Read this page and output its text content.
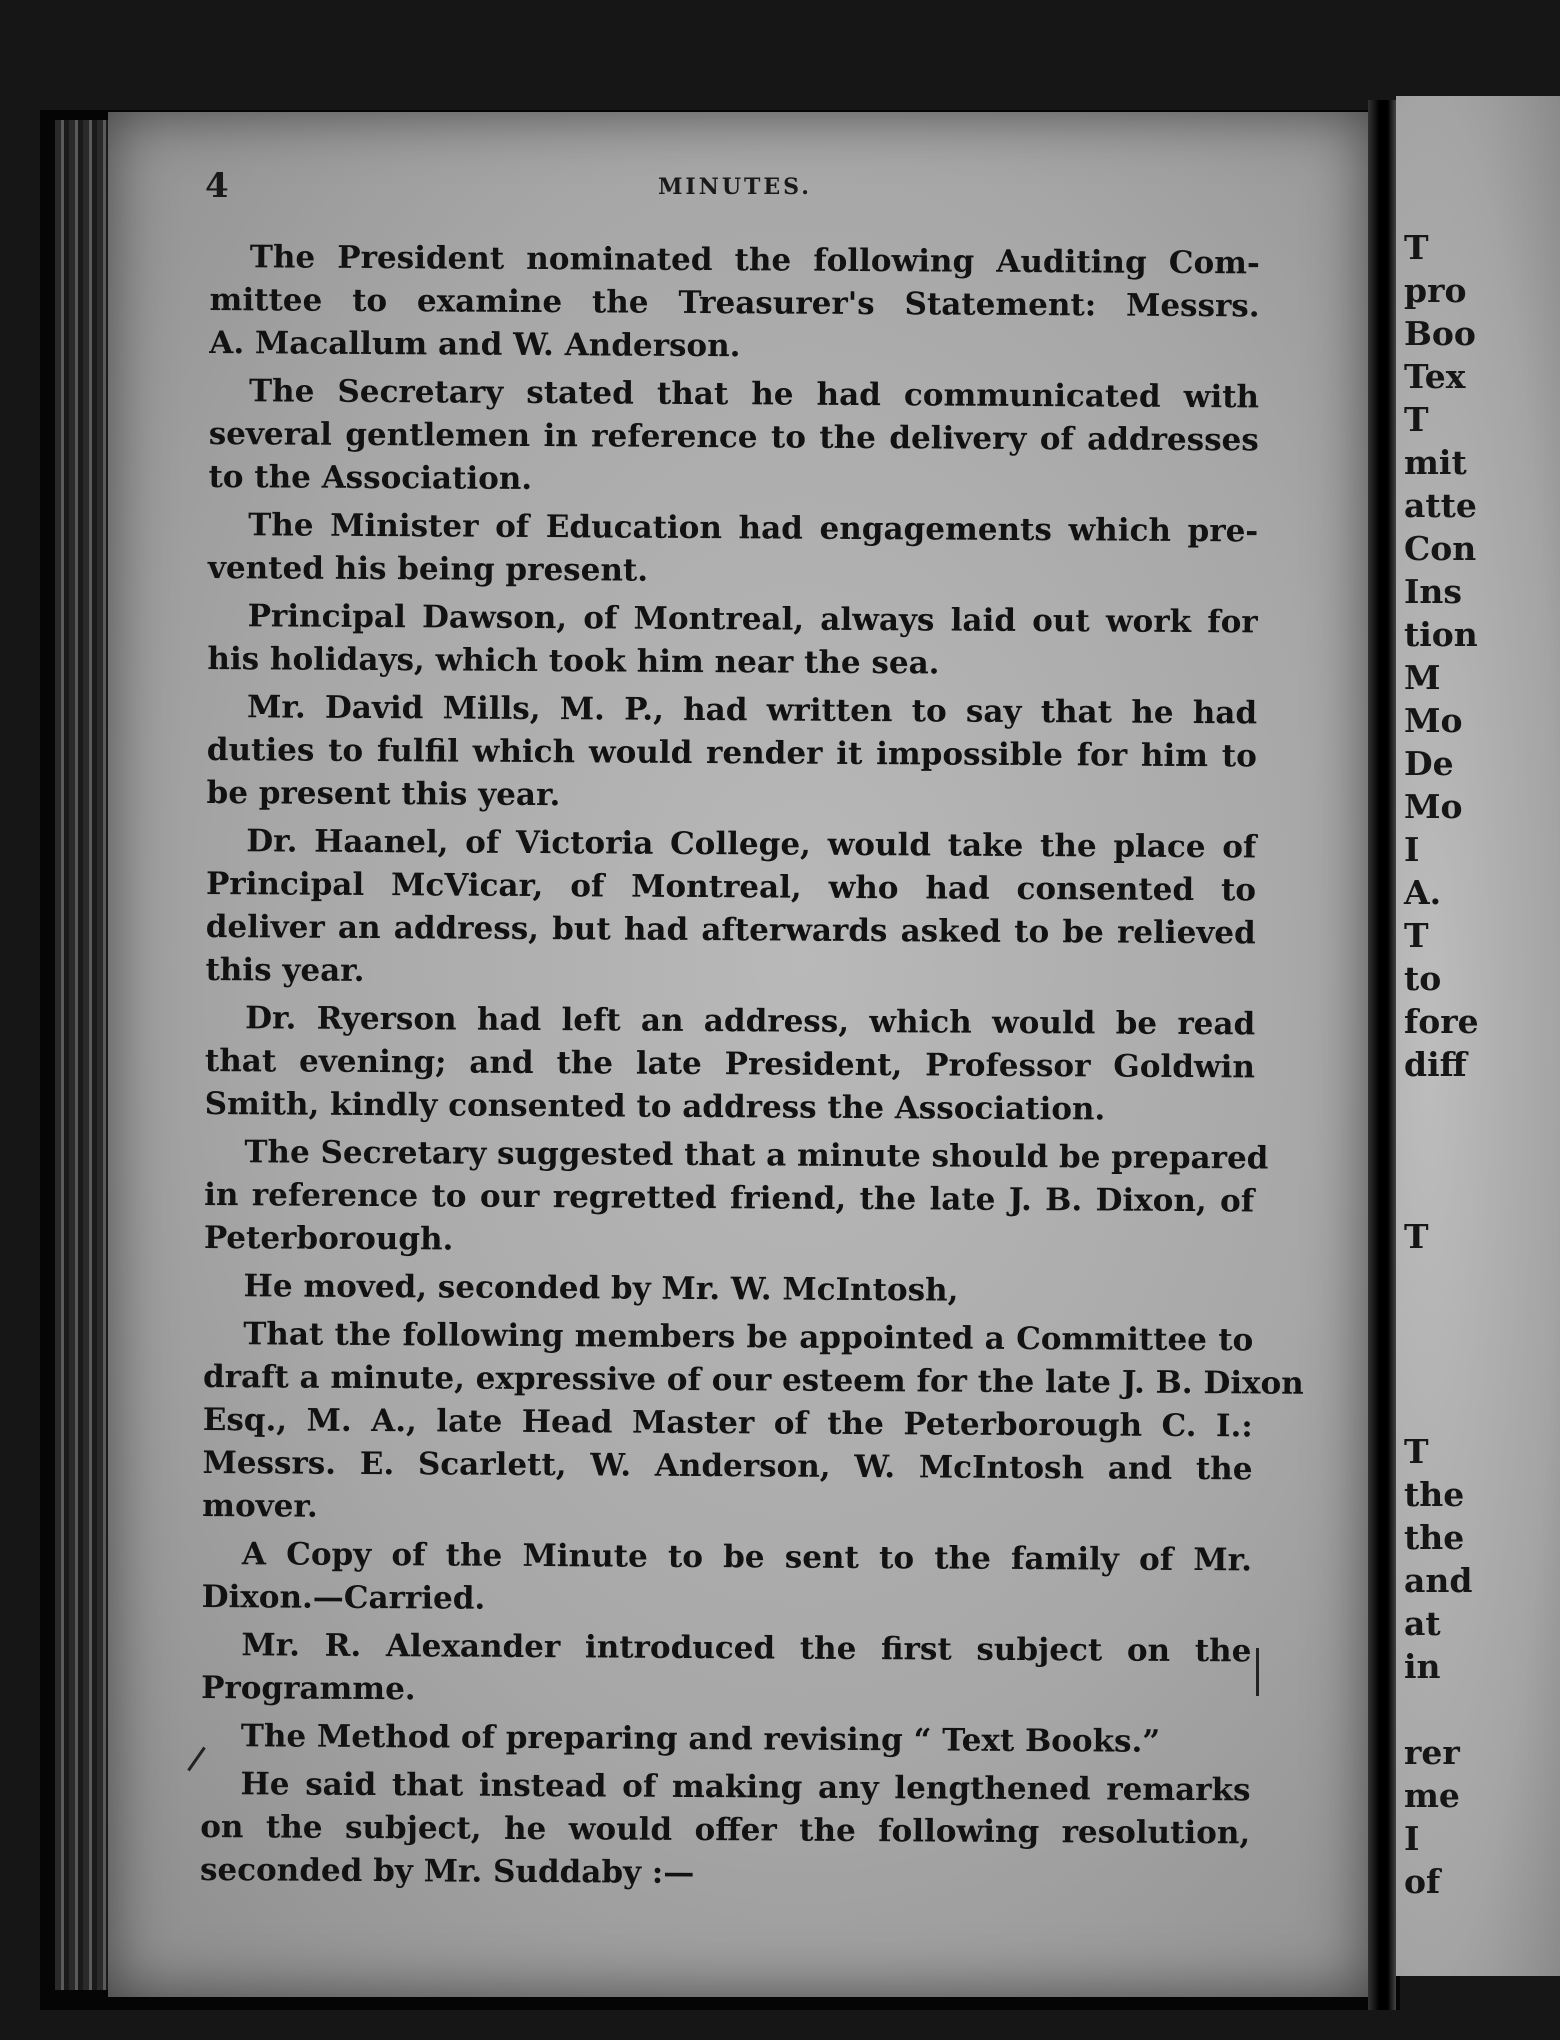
T
pro
Boo
Tex
T
mit
atte
Con
Ins
tion
M
Mo
De
Mo
I
A.
T
to
fore
diff
T
T
the
the
and
at
in
rer
me
I
of
4	MINUTES.
The President nominated the following Auditing Com-
mittee to examine the Treasurer's Statement: Messrs.
A. Macallum and W. Anderson.
The Secretary stated that he had communicated with
several gentlemen in reference to the delivery of addresses
to the Association.
The Minister of Education had engagements which pre-
vented his being present.
Principal Dawson, of Montreal, always laid out work for
his holidays, which took him near the sea.
Mr. David Mills, M. P., had written to say that he had
duties to fulfil which would render it impossible for him to
be present this year.
Dr. Haanel, of Victoria College, would take the place of
Principal McVicar, of Montreal, who had consented to
deliver an address, but had afterwards asked to be relieved
this year.
Dr. Ryerson had left an address, which would be read
that evening; and the late President, Professor Goldwin
Smith, kindly consented to address the Association.
The Secretary suggested that a minute should be prepared
in reference to our regretted friend, the late J. B. Dixon, of
Peterborough.
He moved, seconded by Mr. W. McIntosh,
That the following members be appointed a Committee to
draft a minute, expressive of our esteem for the late J. B. Dixon
Esq., M. A., late Head Master of the Peterborough C. I.:
Messrs. E. Scarlett, W. Anderson, W. McIntosh and the
mover.
A Copy of the Minute to be sent to the family of Mr.
Dixon.—Carried.
Mr. R. Alexander introduced the first subject on the
Programme.
The Method of preparing and revising “ Text Books.”
He said that instead of making any lengthened remarks
on the subject, he would offer the following resolution,
seconded by Mr. Suddaby :—
